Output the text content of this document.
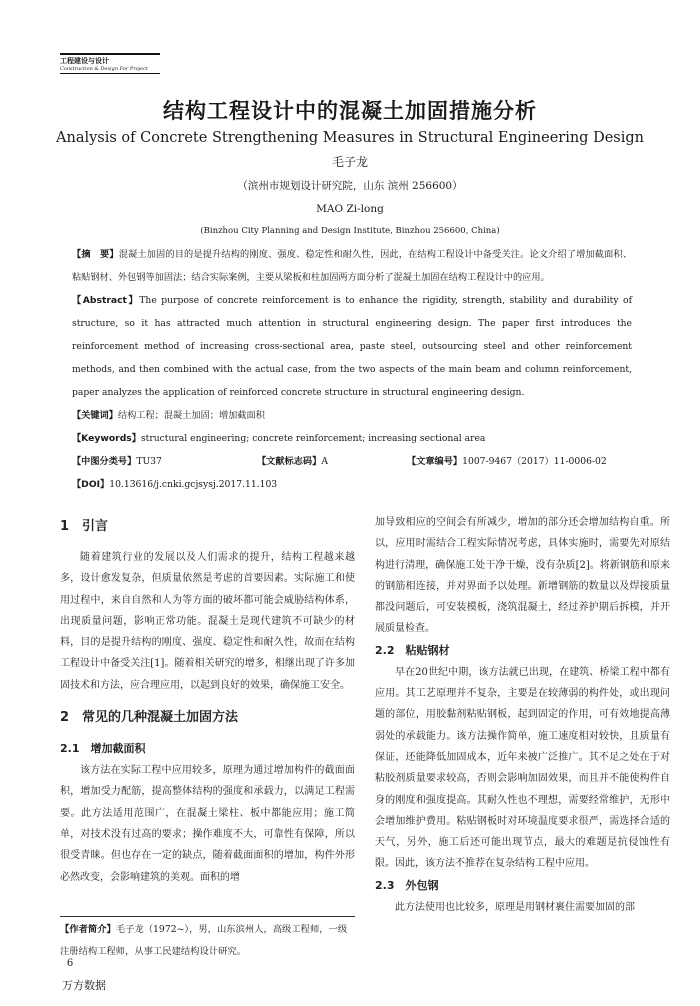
工程建设与设计
Construction & Design For Project
结构工程设计中的混凝土加固措施分析
Analysis of Concrete Strengthening Measures in Structural Engineering Design
毛子龙
（滨州市规划设计研究院，山东 滨州 256600）
MAO Zi-long
(Binzhou City Planning and Design Institute, Binzhou 256600, China)

【摘　要】混凝土加固的目的是提升结构的刚度、强度、稳定性和耐久性，因此，在结构工程设计中备受关注。论文介绍了增加截面积、粘贴钢材、外包钢等加固法；结合实际案例，主要从梁板和柱加固两方面分析了混凝土加固在结构工程设计中的应用。

【Abstract】The purpose of concrete reinforcement is to enhance the rigidity, strength, stability and durability of structure, so it has attracted much attention in structural engineering design. The paper first introduces the reinforcement method of increasing cross-sectional area, paste steel, outsourcing steel and other reinforcement methods, and then combined with the actual case, from the two aspects of the main beam and column reinforcement, paper analyzes the application of reinforced concrete structure in structural engineering design.

【关键词】结构工程；混凝土加固；增加截面积

【Keywords】structural engineering; concrete reinforcement; increasing sectional area

【中图分类号】TU37	【文献标志码】A	【文章编号】1007-9467（2017）11-0006-02

【DOI】10.13616/j.cnki.gcjsysj.2017.11.103

1　引言

随着建筑行业的发展以及人们需求的提升，结构工程越来越多，设计愈发复杂，但质量依然是考虑的首要因素。实际施工和使用过程中，来自自然和人为等方面的破坏都可能会威胁结构体系，出现质量问题，影响正常功能。混凝土是现代建筑不可缺少的材料，目的是提升结构的刚度、强度、稳定性和耐久性，故而在结构工程设计中备受关注[1]。随着相关研究的增多，相继出现了许多加固技术和方法，应合理应用，以起到良好的效果，确保施工安全。

2　常见的几种混凝土加固方法
2.1　增加截面积

该方法在实际工程中应用较多，原理为通过增加构件的截面面积，增加受力配筋，提高整体结构的强度和承载力，以满足工程需要。此方法适用范围广，在混凝土梁柱、板中都能应用；施工简单，对技术没有过高的要求；操作难度不大，可靠性有保障，所以很受青睐。但也存在一定的缺点，随着截面面积的增加，构件外形必然改变，会影响建筑的美观。面积的增

加导致相应的空间会有所减少，增加的部分还会增加结构自重。所以，应用时需结合工程实际情况考虑，具体实施时，需要先对原结构进行清理，确保施工处干净干燥，没有杂质[2]。将新钢筋和原来的钢筋相连接，并对界面予以处理。新增钢筋的数量以及焊接质量都没问题后，可安装模板，浇筑混凝土，经过养护期后拆模，并开展质量检查。

2.2　粘贴钢材

早在20世纪中期，该方法就已出现，在建筑、桥梁工程中都有应用。其工艺原理并不复杂，主要是在较薄弱的构件处，或出现问题的部位，用胶黏剂粘贴钢板，起到固定的作用，可有效地提高薄弱处的承载能力。该方法操作简单，施工速度相对较快，且质量有保证，还能降低加固成本，近年来被广泛推广。其不足之处在于对粘胶剂质量要求较高，否则会影响加固效果，而且并不能使构件自身的刚度和强度提高。其耐久性也不理想，需要经常维护，无形中会增加维护费用。粘贴钢板时对环境温度要求很严，需选择合适的天气，另外，施工后还可能出现节点，最大的难题是抗侵蚀性有限。因此，该方法不推荐在复杂结构工程中应用。

2.3　外包钢

此方法使用也比较多，原理是用钢材裹住需要加固的部

【作者简介】毛子龙（1972~），男，山东滨州人，高级工程师，一级注册结构工程师，从事工民建结构设计研究。
6
万方数据
